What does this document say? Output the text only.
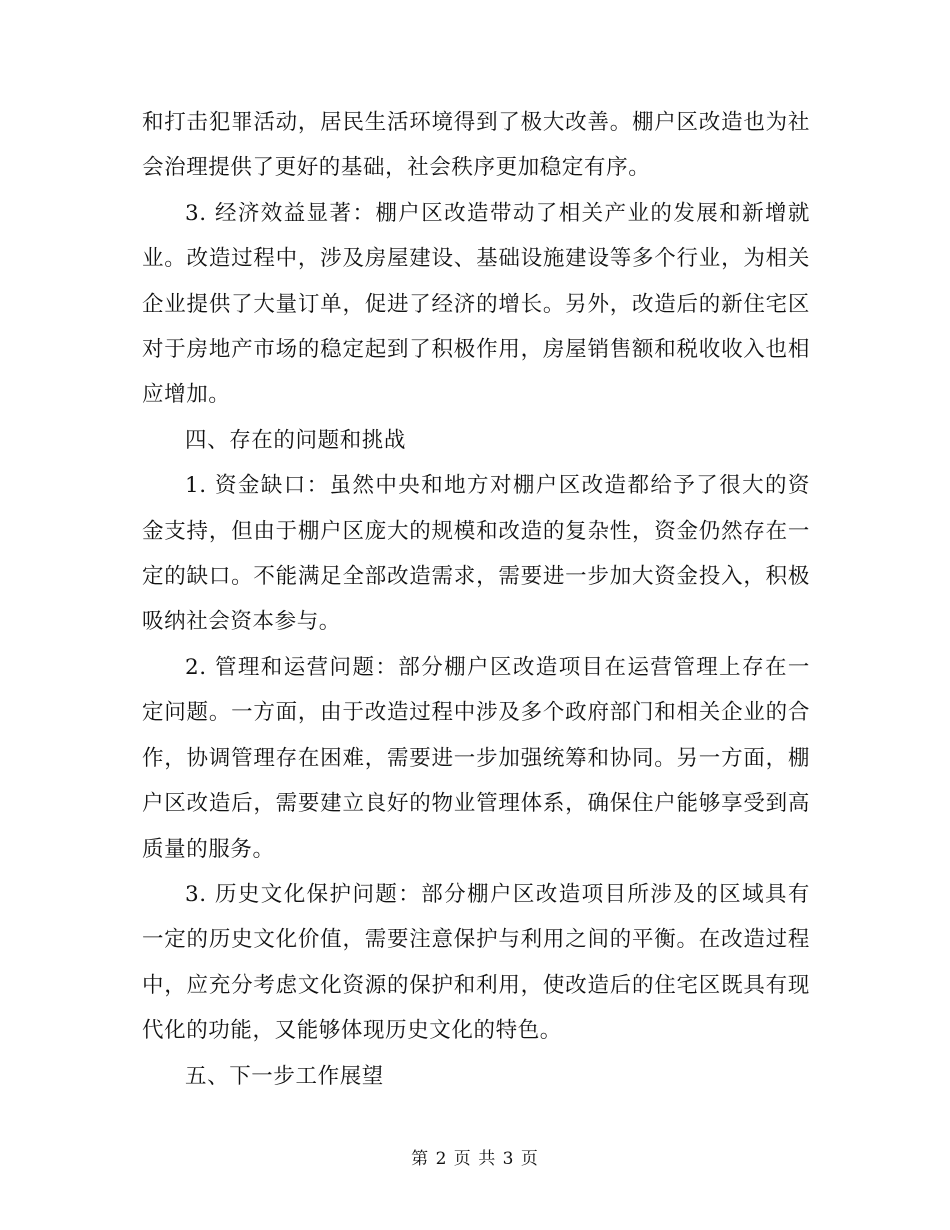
和打击犯罪活动，居民生活环境得到了极大改善。棚户区改造也为社会治理提供了更好的基础，社会秩序更加稳定有序。

3. 经济效益显著：棚户区改造带动了相关产业的发展和新增就业。改造过程中，涉及房屋建设、基础设施建设等多个行业，为相关企业提供了大量订单，促进了经济的增长。另外，改造后的新住宅区对于房地产市场的稳定起到了积极作用，房屋销售额和税收收入也相应增加。

四、存在的问题和挑战

1. 资金缺口：虽然中央和地方对棚户区改造都给予了很大的资金支持，但由于棚户区庞大的规模和改造的复杂性，资金仍然存在一定的缺口。不能满足全部改造需求，需要进一步加大资金投入，积极吸纳社会资本参与。

2. 管理和运营问题：部分棚户区改造项目在运营管理上存在一定问题。一方面，由于改造过程中涉及多个政府部门和相关企业的合作，协调管理存在困难，需要进一步加强统筹和协同。另一方面，棚户区改造后，需要建立良好的物业管理体系，确保住户能够享受到高质量的服务。

3. 历史文化保护问题：部分棚户区改造项目所涉及的区域具有一定的历史文化价值，需要注意保护与利用之间的平衡。在改造过程中，应充分考虑文化资源的保护和利用，使改造后的住宅区既具有现代化的功能，又能够体现历史文化的特色。

五、下一步工作展望

第 2 页 共 3 页
